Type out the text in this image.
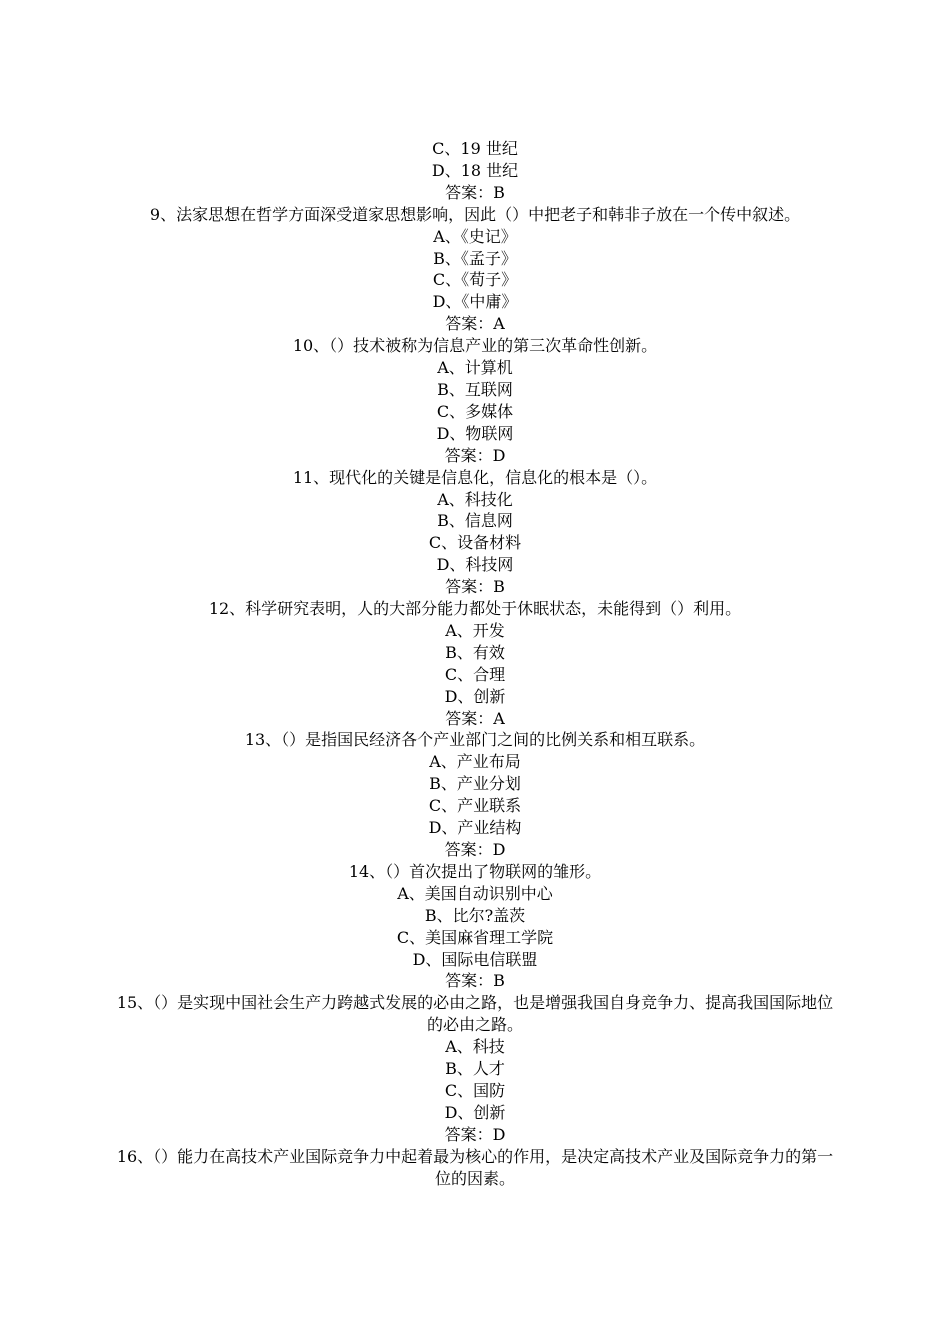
C、19 世纪
D、18 世纪
答案：B
9、法家思想在哲学方面深受道家思想影响，因此（）中把老子和韩非子放在一个传中叙述。
A、《史记》
B、《孟子》
C、《荀子》
D、《中庸》
答案：A
10、（）技术被称为信息产业的第三次革命性创新。
A、计算机
B、互联网
C、多媒体
D、物联网
答案：D
11、现代化的关键是信息化，信息化的根本是（）。
A、科技化
B、信息网
C、设备材料
D、科技网
答案：B
12、科学研究表明，人的大部分能力都处于休眠状态，未能得到（）利用。
A、开发
B、有效
C、合理
D、创新
答案：A
13、（）是指国民经济各个产业部门之间的比例关系和相互联系。
A、产业布局
B、产业分划
C、产业联系
D、产业结构
答案：D
14、（）首次提出了物联网的雏形。
A、美国自动识别中心
B、比尔?盖茨
C、美国麻省理工学院
D、国际电信联盟
答案：B
15、（）是实现中国社会生产力跨越式发展的必由之路，也是增强我国自身竞争力、提高我国国际地位的必由之路。
A、科技
B、人才
C、国防
D、创新
答案：D
16、（）能力在高技术产业国际竞争力中起着最为核心的作用，是决定高技术产业及国际竞争力的第一位的因素。
